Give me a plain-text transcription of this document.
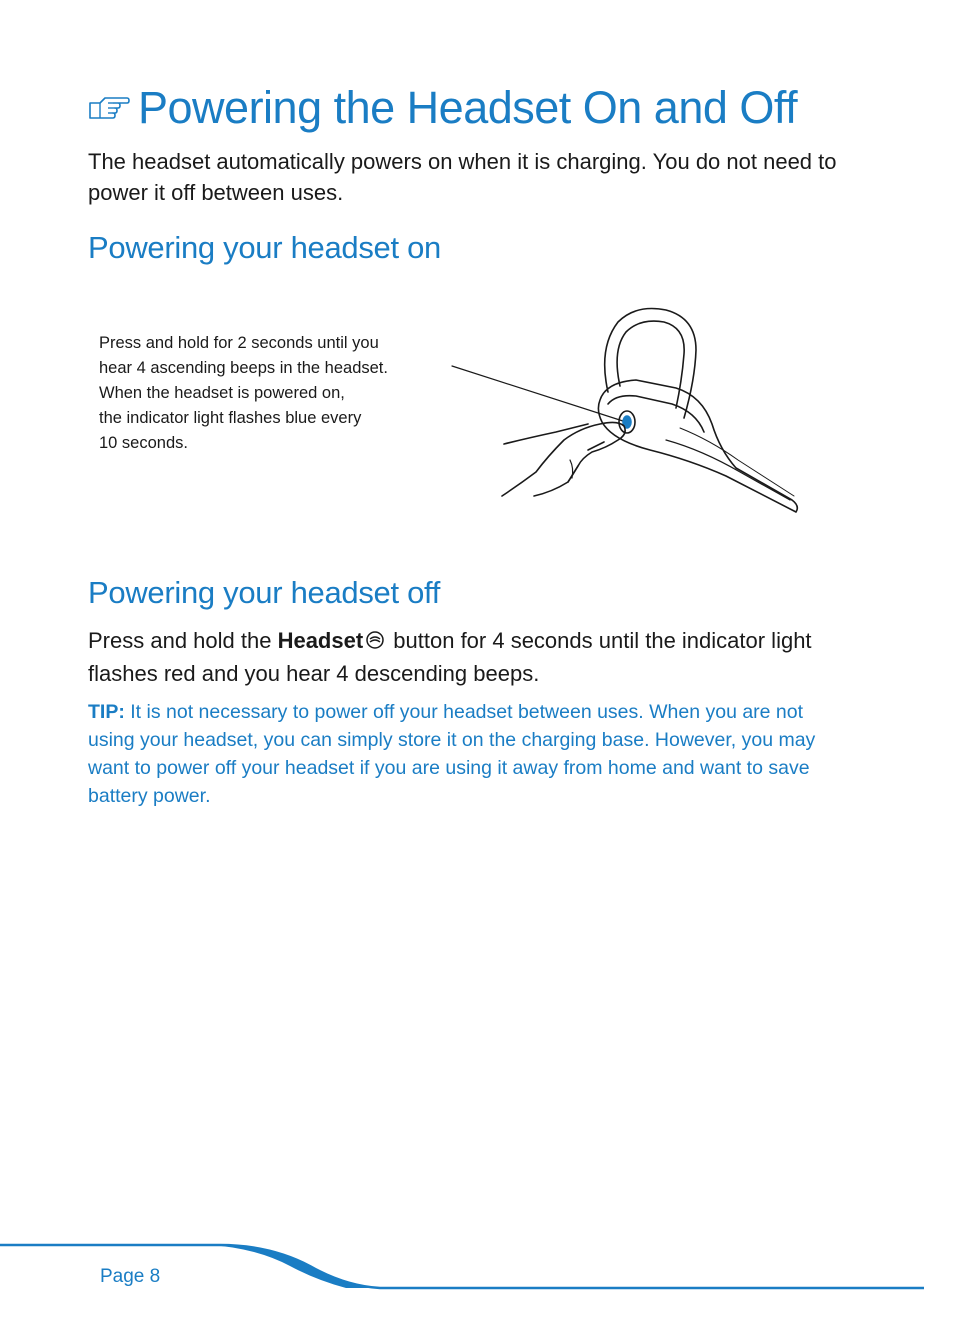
Powering the Headset On and Off

The headset automatically powers on when it is charging. You do not need to power it off between uses.

Powering your headset on

Press and hold for 2 seconds until you
hear 4 ascending beeps in the headset.
When the headset is powered on,
the indicator light flashes blue every
10 seconds.

Powering your headset off

Press and hold the Headset button for 4 seconds until the indicator light flashes red and you hear 4 descending beeps.

TIP: It is not necessary to power off your headset between uses. When you are not using your headset, you can simply store it on the charging base. However, you may want to power off your headset if you are using it away from home and want to save battery power.

Page 8
